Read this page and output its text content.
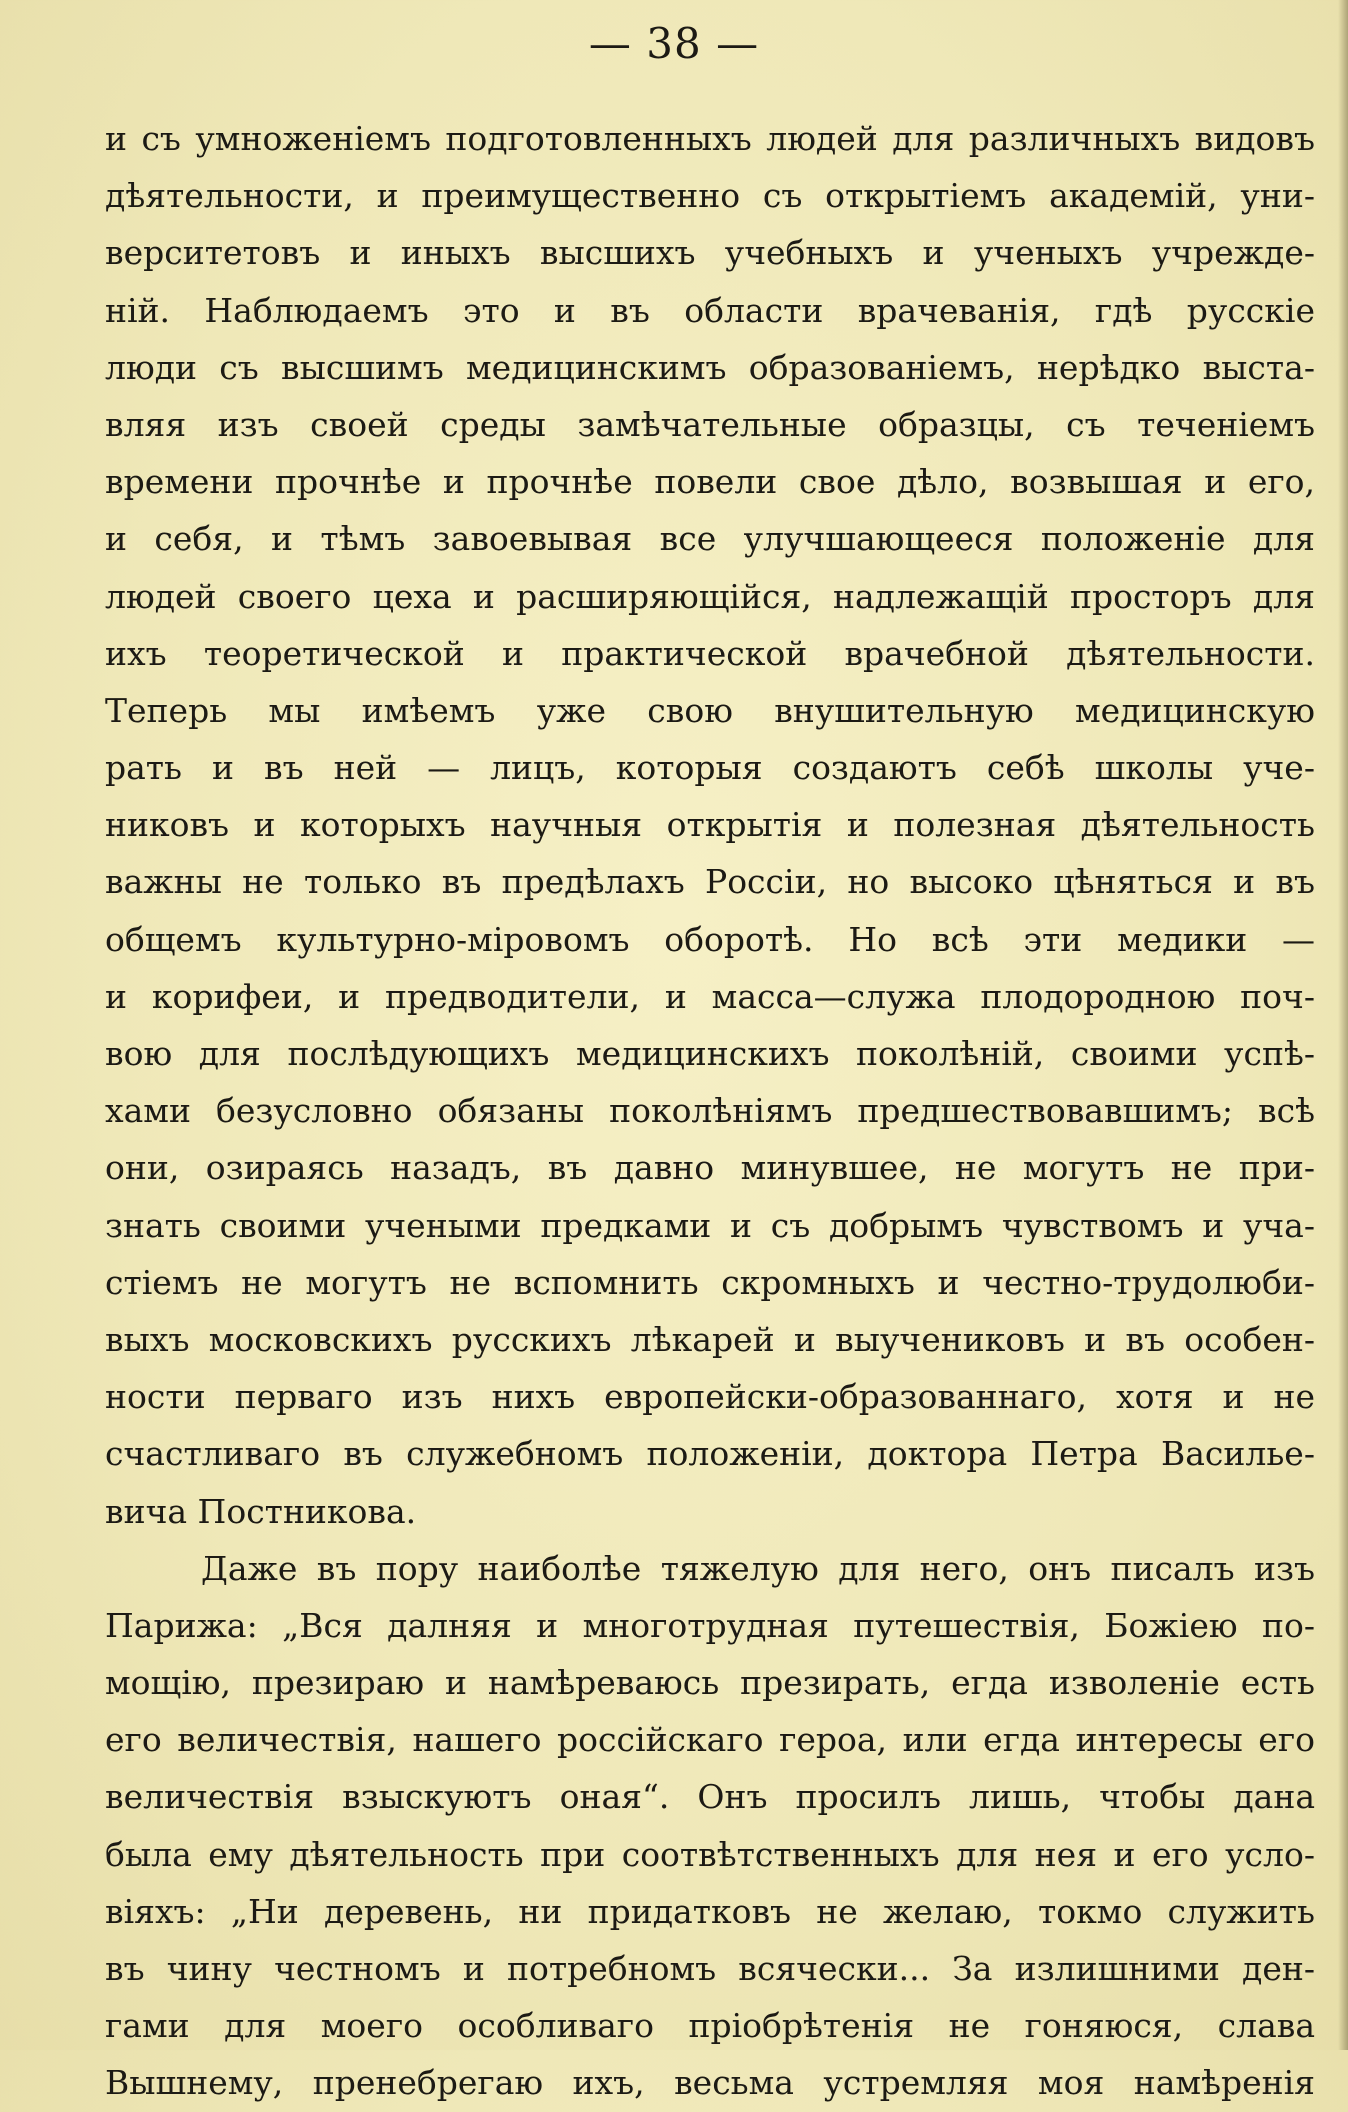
— 38 —
и съ умноженіемъ подготовленныхъ людей для различныхъ видовъ
дѣятельности, и преимущественно съ открытіемъ академій, уни-
верситетовъ и иныхъ высшихъ учебныхъ и ученыхъ учрежде-
ній. Наблюдаемъ это и въ области врачеванія, гдѣ русскіе
люди съ высшимъ медицинскимъ образованіемъ, нерѣдко выста-
вляя изъ своей среды замѣчательные образцы, съ теченіемъ
времени прочнѣе и прочнѣе повели свое дѣло, возвышая и его,
и себя, и тѣмъ завоевывая все улучшающееся положеніе для
людей своего цеха и расширяющійся, надлежащій просторъ для
ихъ теоретической и практической врачебной дѣятельности.
Теперь мы имѣемъ уже свою внушительную медицинскую
рать и въ ней — лицъ, которыя создаютъ себѣ школы уче-
никовъ и которыхъ научныя открытія и полезная дѣятельность
важны не только въ предѣлахъ Россіи, но высоко цѣняться и въ
общемъ культурно-міровомъ оборотѣ. Но всѣ эти медики —
и корифеи, и предводители, и масса—служа плодородною поч-
вою для послѣдующихъ медицинскихъ поколѣній, своими успѣ-
хами безусловно обязаны поколѣніямъ предшествовавшимъ; всѣ
они, озираясь назадъ, въ давно минувшее, не могутъ не при-
знать своими учеными предками и съ добрымъ чувствомъ и уча-
стіемъ не могутъ не вспомнить скромныхъ и честно-трудолюби-
выхъ московскихъ русскихъ лѣкарей и выучениковъ и въ особен-
ности перваго изъ нихъ европейски-образованнаго, хотя и не
счастливаго въ служебномъ положеніи, доктора Петра Василье-
вича Постникова.
Даже въ пору наиболѣе тяжелую для него, онъ писалъ изъ
Парижа: „Вся далняя и многотрудная путешествія, Божіею по-
мощію, презираю и намѣреваюсь презирать, егда изволеніе есть
его величествія, нашего россійскаго героа, или егда интересы его
величествія взыскуютъ оная“. Онъ просилъ лишь, чтобы дана
была ему дѣятельность при соотвѣтственныхъ для нея и его усло-
віяхъ: „Ни деревень, ни придатковъ не желаю, токмо служить
въ чину честномъ и потребномъ всячески... За излишними ден-
гами для моего особливаго пріобрѣтенія не гоняюся, слава
Вышнему, пренебрегаю ихъ, весьма устремляя моя намѣренія
